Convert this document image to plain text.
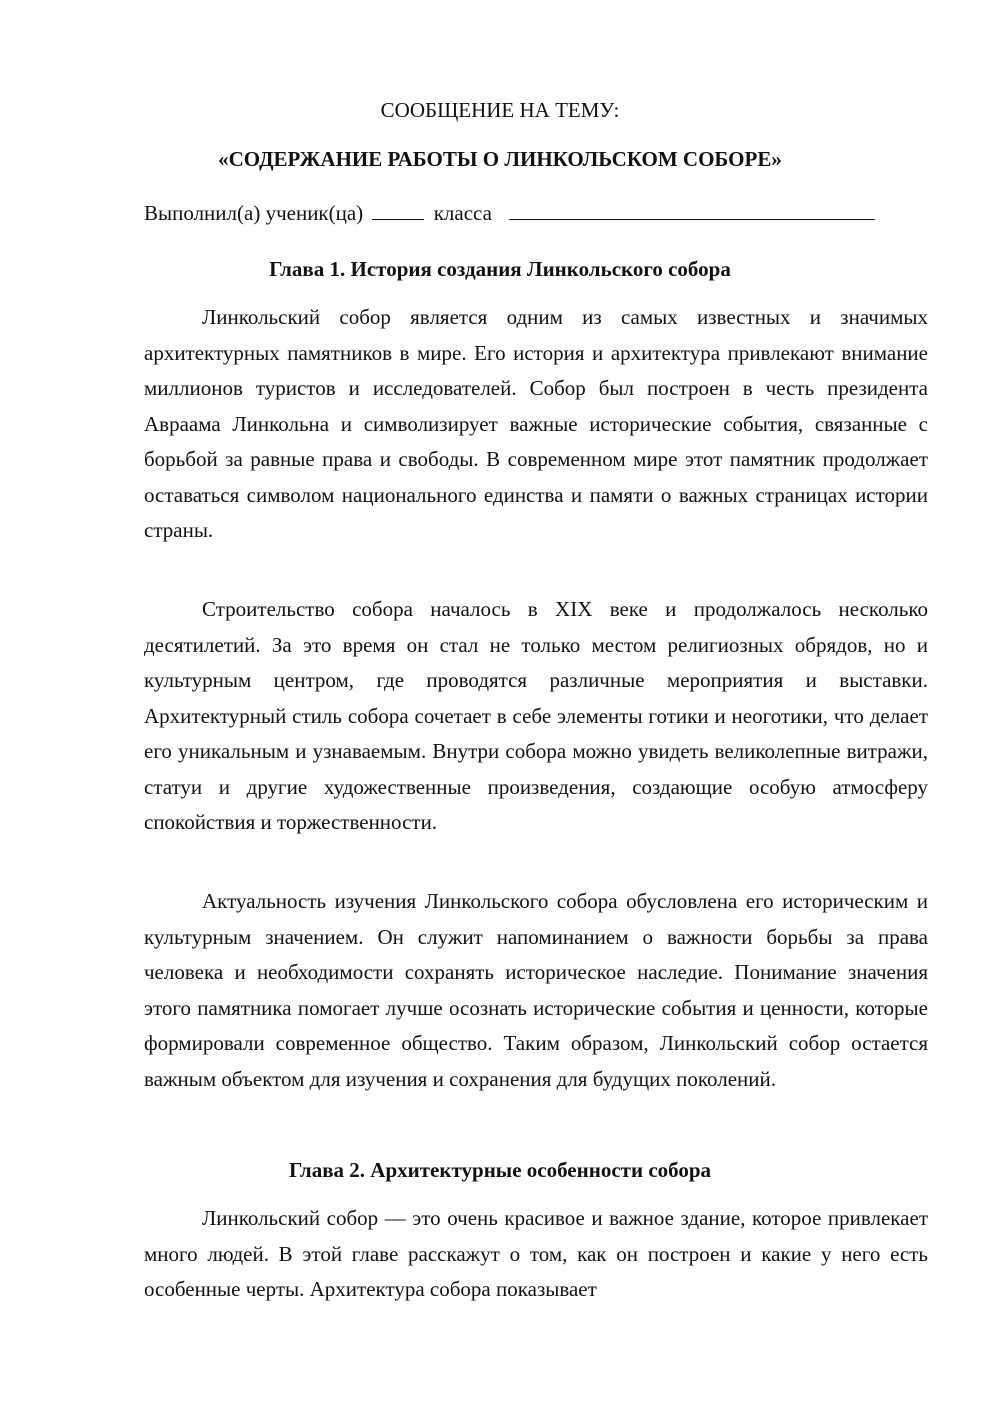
СООБЩЕНИЕ НА ТЕМУ:
«СОДЕРЖАНИЕ РАБОТЫ О ЛИНКОЛЬСКОМ СОБОРЕ»
Выполнил(а) ученик(ца)	класса
Глава 1. История создания Линкольского собора

Линкольский собор является одним из самых известных и значимых архитектурных памятников в мире. Его история и архитектура привлекают внимание миллионов туристов и исследователей. Собор был построен в честь президента Авраама Линкольна и символизирует важные исторические события, связанные с борьбой за равные права и свободы. В современном мире этот памятник продолжает оставаться символом национального единства и памяти о важных страницах истории страны.

Строительство собора началось в XIX веке и продолжалось несколько десятилетий. За это время он стал не только местом религиозных обрядов, но и культурным центром, где проводятся различные мероприятия и выставки. Архитектурный стиль собора сочетает в себе элементы готики и неоготики, что делает его уникальным и узнаваемым. Внутри собора можно увидеть великолепные витражи, статуи и другие художественные произведения, создающие особую атмосферу спокойствия и торжественности.

Актуальность изучения Линкольского собора обусловлена его историческим и культурным значением. Он служит напоминанием о важности борьбы за права человека и необходимости сохранять историческое наследие. Понимание значения этого памятника помогает лучше осознать исторические события и ценности, которые формировали современное общество. Таким образом, Линкольский собор остается важным объектом для изучения и сохранения для будущих поколений.

Глава 2. Архитектурные особенности собора

Линкольский собор — это очень красивое и важное здание, которое привлекает много людей. В этой главе расскажут о том, как он построен и какие у него есть особенные черты. Архитектура собора показывает
